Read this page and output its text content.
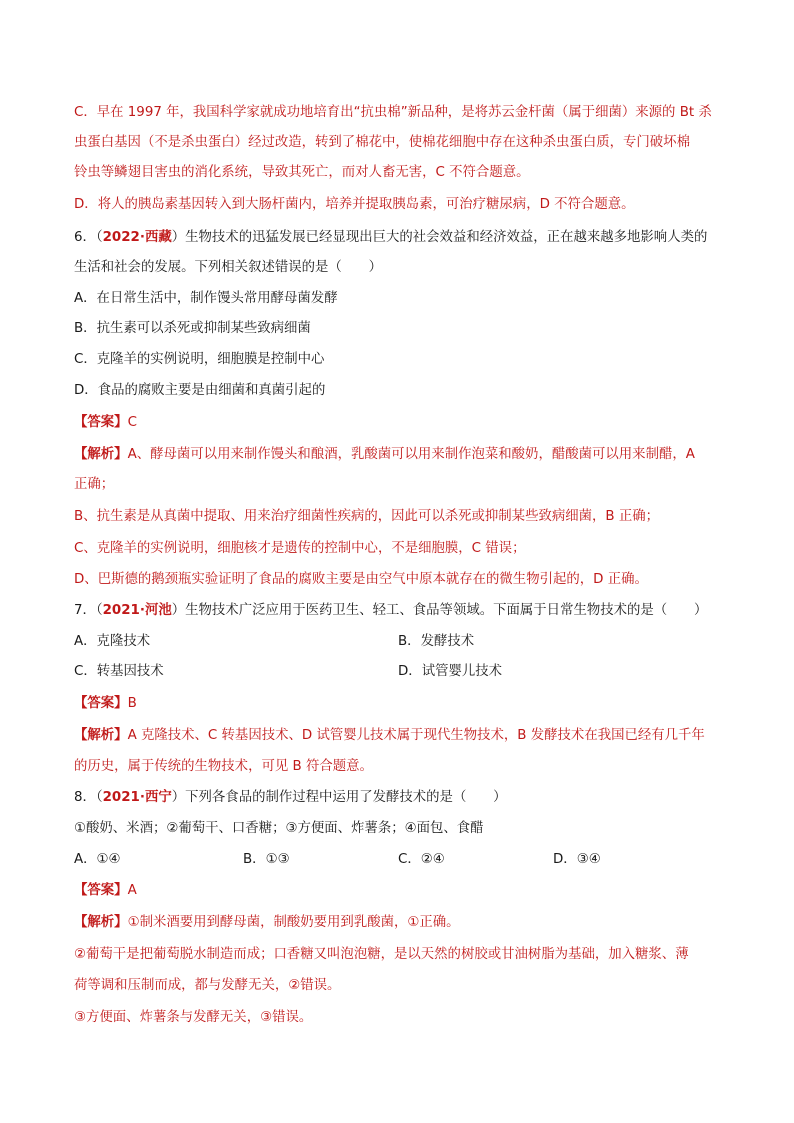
C．早在 1997 年，我国科学家就成功地培育出“抗虫棉”新品种，是将苏云金杆菌（属于细菌）来源的 Bt 杀
虫蛋白基因（不是杀虫蛋白）经过改造，转到了棉花中，使棉花细胞中存在这种杀虫蛋白质，专门破坏棉
铃虫等鳞翅目害虫的消化系统，导致其死亡，而对人畜无害，C 不符合题意。
D．将人的胰岛素基因转入到大肠杆菌内，培养并提取胰岛素，可治疗糖尿病，D 不符合题意。
6．（2022·西藏）生物技术的迅猛发展已经显现出巨大的社会效益和经济效益，正在越来越多地影响人类的
生活和社会的发展。下列相关叙述错误的是（　　）
A．在日常生活中，制作馒头常用酵母菌发酵
B．抗生素可以杀死或抑制某些致病细菌
C．克隆羊的实例说明，细胞膜是控制中心
D．食品的腐败主要是由细菌和真菌引起的
【答案】C
【解析】A、酵母菌可以用来制作馒头和酿酒，乳酸菌可以用来制作泡菜和酸奶，醋酸菌可以用来制醋，A
正确；
B、抗生素是从真菌中提取、用来治疗细菌性疾病的，因此可以杀死或抑制某些致病细菌，B 正确；
C、克隆羊的实例说明，细胞核才是遗传的控制中心，不是细胞膜，C 错误；
D、巴斯德的鹅颈瓶实验证明了食品的腐败主要是由空气中原本就存在的微生物引起的，D 正确。
7．（2021·河池）生物技术广泛应用于医药卫生、轻工、食品等领域。下面属于日常生物技术的是（　　）
A．克隆技术	B．发酵技术
C．转基因技术	D．试管婴儿技术
【答案】B
【解析】A 克隆技术、C 转基因技术、D 试管婴儿技术属于现代生物技术，B 发酵技术在我国已经有几千年
的历史，属于传统的生物技术，可见 B 符合题意。
8．（2021·西宁）下列各食品的制作过程中运用了发酵技术的是（　　）
①酸奶、米酒；②葡萄干、口香糖；③方便面、炸薯条；④面包、食醋
A．①④	B．①③	C．②④	D．③④
【答案】A
【解析】①制米酒要用到酵母菌，制酸奶要用到乳酸菌，①正确。
②葡萄干是把葡萄脱水制造而成；口香糖又叫泡泡糖，是以天然的树胶或甘油树脂为基础，加入糖浆、薄
荷等调和压制而成，都与发酵无关，②错误。
③方便面、炸薯条与发酵无关，③错误。
